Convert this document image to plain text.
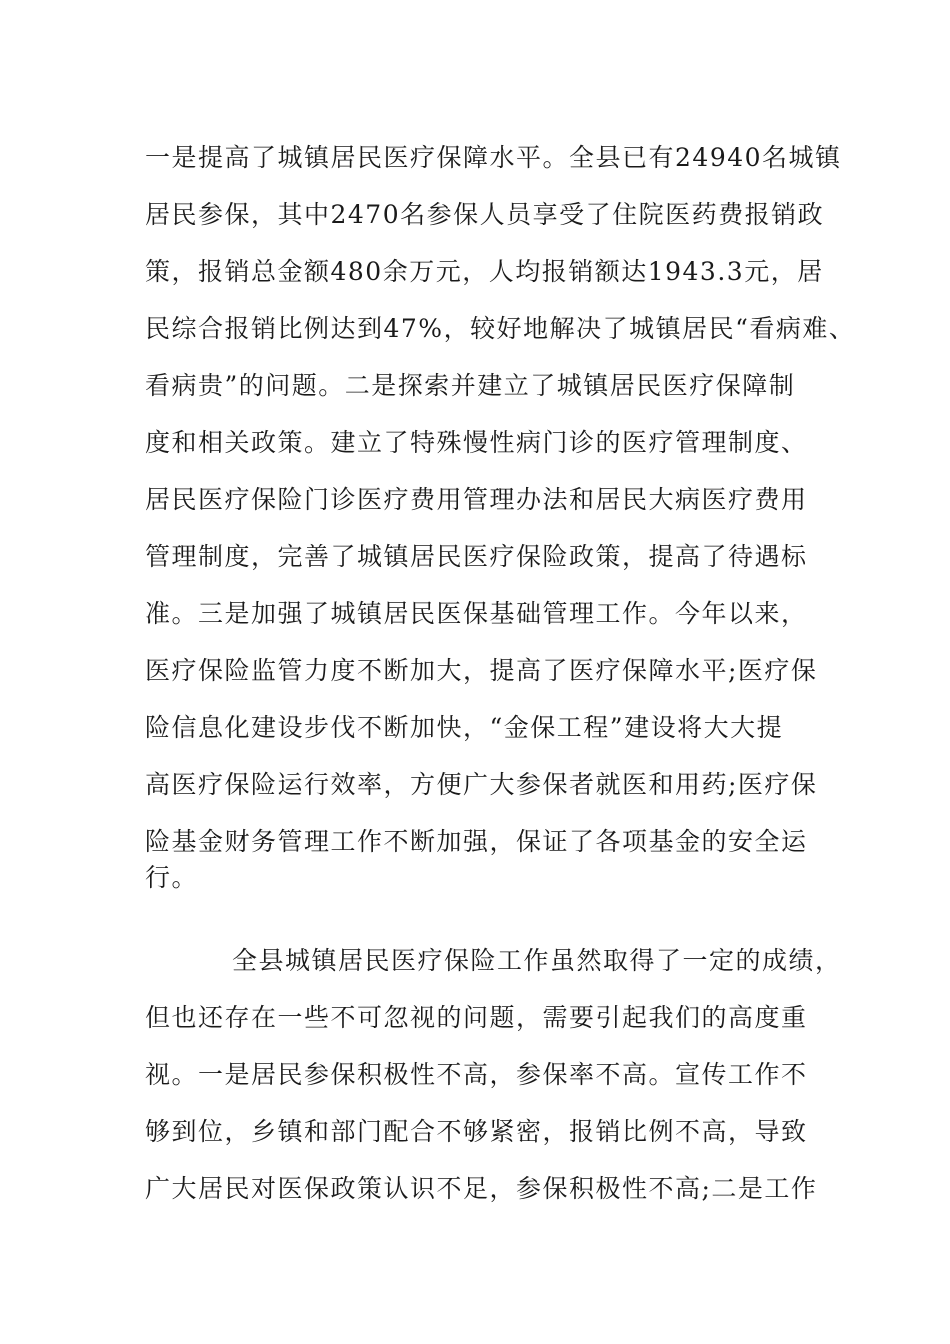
一是提高了城镇居民医疗保障水平。全县已有24940名城镇
居民参保，其中2470名参保人员享受了住院医药费报销政
策，报销总金额480余万元，人均报销额达1943.3元，居
民综合报销比例达到47%，较好地解决了城镇居民“看病难、
看病贵”的问题。二是探索并建立了城镇居民医疗保障制
度和相关政策。建立了特殊慢性病门诊的医疗管理制度、
居民医疗保险门诊医疗费用管理办法和居民大病医疗费用
管理制度，完善了城镇居民医疗保险政策，提高了待遇标
准。三是加强了城镇居民医保基础管理工作。今年以来，
医疗保险监管力度不断加大，提高了医疗保障水平;医疗保
险信息化建设步伐不断加快，“金保工程”建设将大大提
高医疗保险运行效率，方便广大参保者就医和用药;医疗保
险基金财务管理工作不断加强，保证了各项基金的安全运
行。
全县城镇居民医疗保险工作虽然取得了一定的成绩，
但也还存在一些不可忽视的问题，需要引起我们的高度重
视。一是居民参保积极性不高，参保率不高。宣传工作不
够到位，乡镇和部门配合不够紧密，报销比例不高，导致
广大居民对医保政策认识不足，参保积极性不高;二是工作
